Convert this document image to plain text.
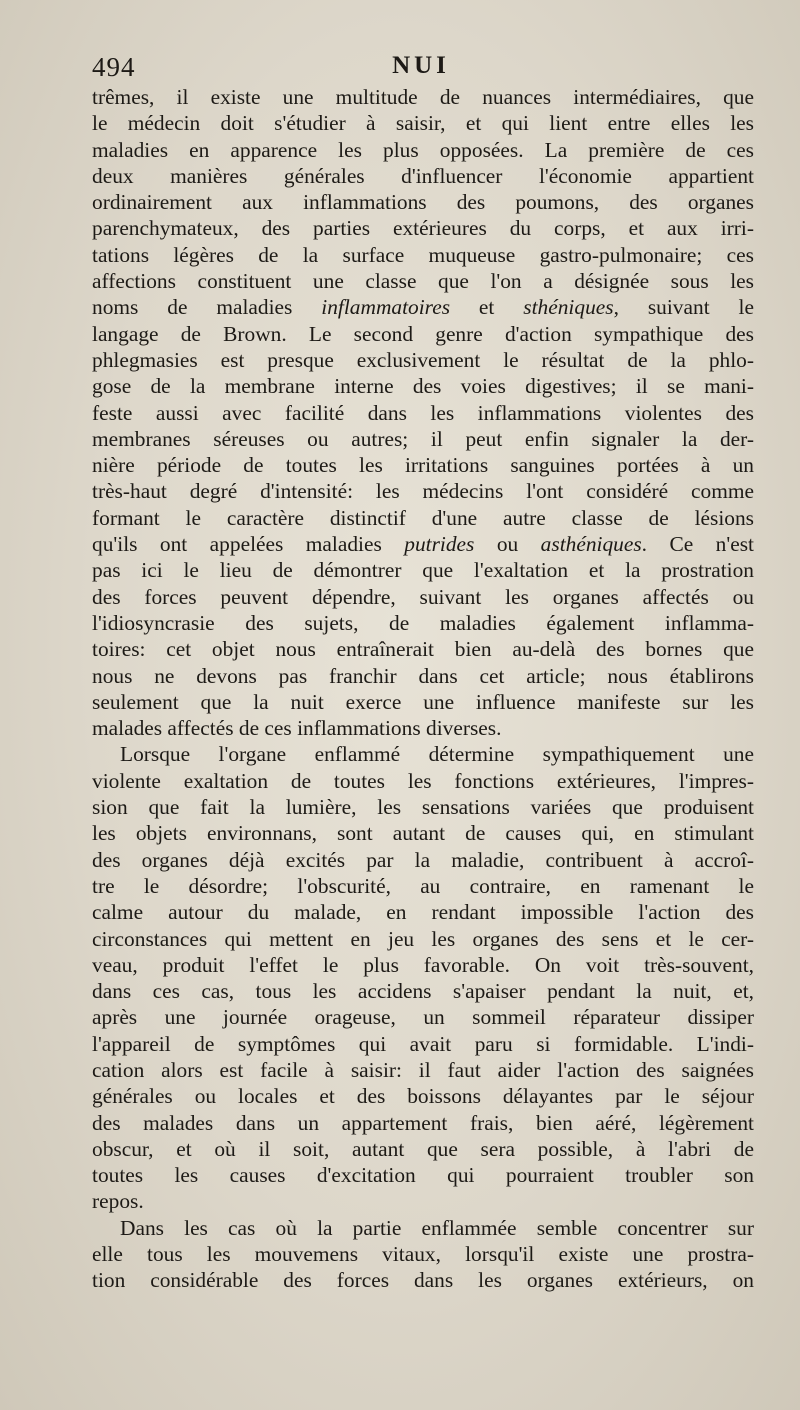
494	NUI
trêmes, il existe une multitude de nuances intermédiaires, que
le médecin doit s'étudier à saisir, et qui lient entre elles les
maladies en apparence les plus opposées. La première de ces
deux manières générales d'influencer l'économie appartient
ordinairement aux inflammations des poumons, des organes
parenchymateux, des parties extérieures du corps, et aux irri-
tations légères de la surface muqueuse gastro-pulmonaire; ces
affections constituent une classe que l'on a désignée sous les
noms de maladies inflammatoires et sthéniques, suivant le
langage de Brown. Le second genre d'action sympathique des
phlegmasies est presque exclusivement le résultat de la phlo-
gose de la membrane interne des voies digestives; il se mani-
feste aussi avec facilité dans les inflammations violentes des
membranes séreuses ou autres; il peut enfin signaler la der-
nière période de toutes les irritations sanguines portées à un
très-haut degré d'intensité: les médecins l'ont considéré comme
formant le caractère distinctif d'une autre classe de lésions
qu'ils ont appelées maladies putrides ou asthéniques. Ce n'est
pas ici le lieu de démontrer que l'exaltation et la prostration
des forces peuvent dépendre, suivant les organes affectés ou
l'idiosyncrasie des sujets, de maladies également inflamma-
toires: cet objet nous entraînerait bien au-delà des bornes que
nous ne devons pas franchir dans cet article; nous établirons
seulement que la nuit exerce une influence manifeste sur les
malades affectés de ces inflammations diverses.
Lorsque l'organe enflammé détermine sympathiquement une
violente exaltation de toutes les fonctions extérieures, l'impres-
sion que fait la lumière, les sensations variées que produisent
les objets environnans, sont autant de causes qui, en stimulant
des organes déjà excités par la maladie, contribuent à accroî-
tre le désordre; l'obscurité, au contraire, en ramenant le
calme autour du malade, en rendant impossible l'action des
circonstances qui mettent en jeu les organes des sens et le cer-
veau, produit l'effet le plus favorable. On voit très-souvent,
dans ces cas, tous les accidens s'apaiser pendant la nuit, et,
après une journée orageuse, un sommeil réparateur dissiper
l'appareil de symptômes qui avait paru si formidable. L'indi-
cation alors est facile à saisir: il faut aider l'action des saignées
générales ou locales et des boissons délayantes par le séjour
des malades dans un appartement frais, bien aéré, légèrement
obscur, et où il soit, autant que sera possible, à l'abri de
toutes les causes d'excitation qui pourraient troubler son
repos.
Dans les cas où la partie enflammée semble concentrer sur
elle tous les mouvemens vitaux, lorsqu'il existe une prostra-
tion considérable des forces dans les organes extérieurs, on
